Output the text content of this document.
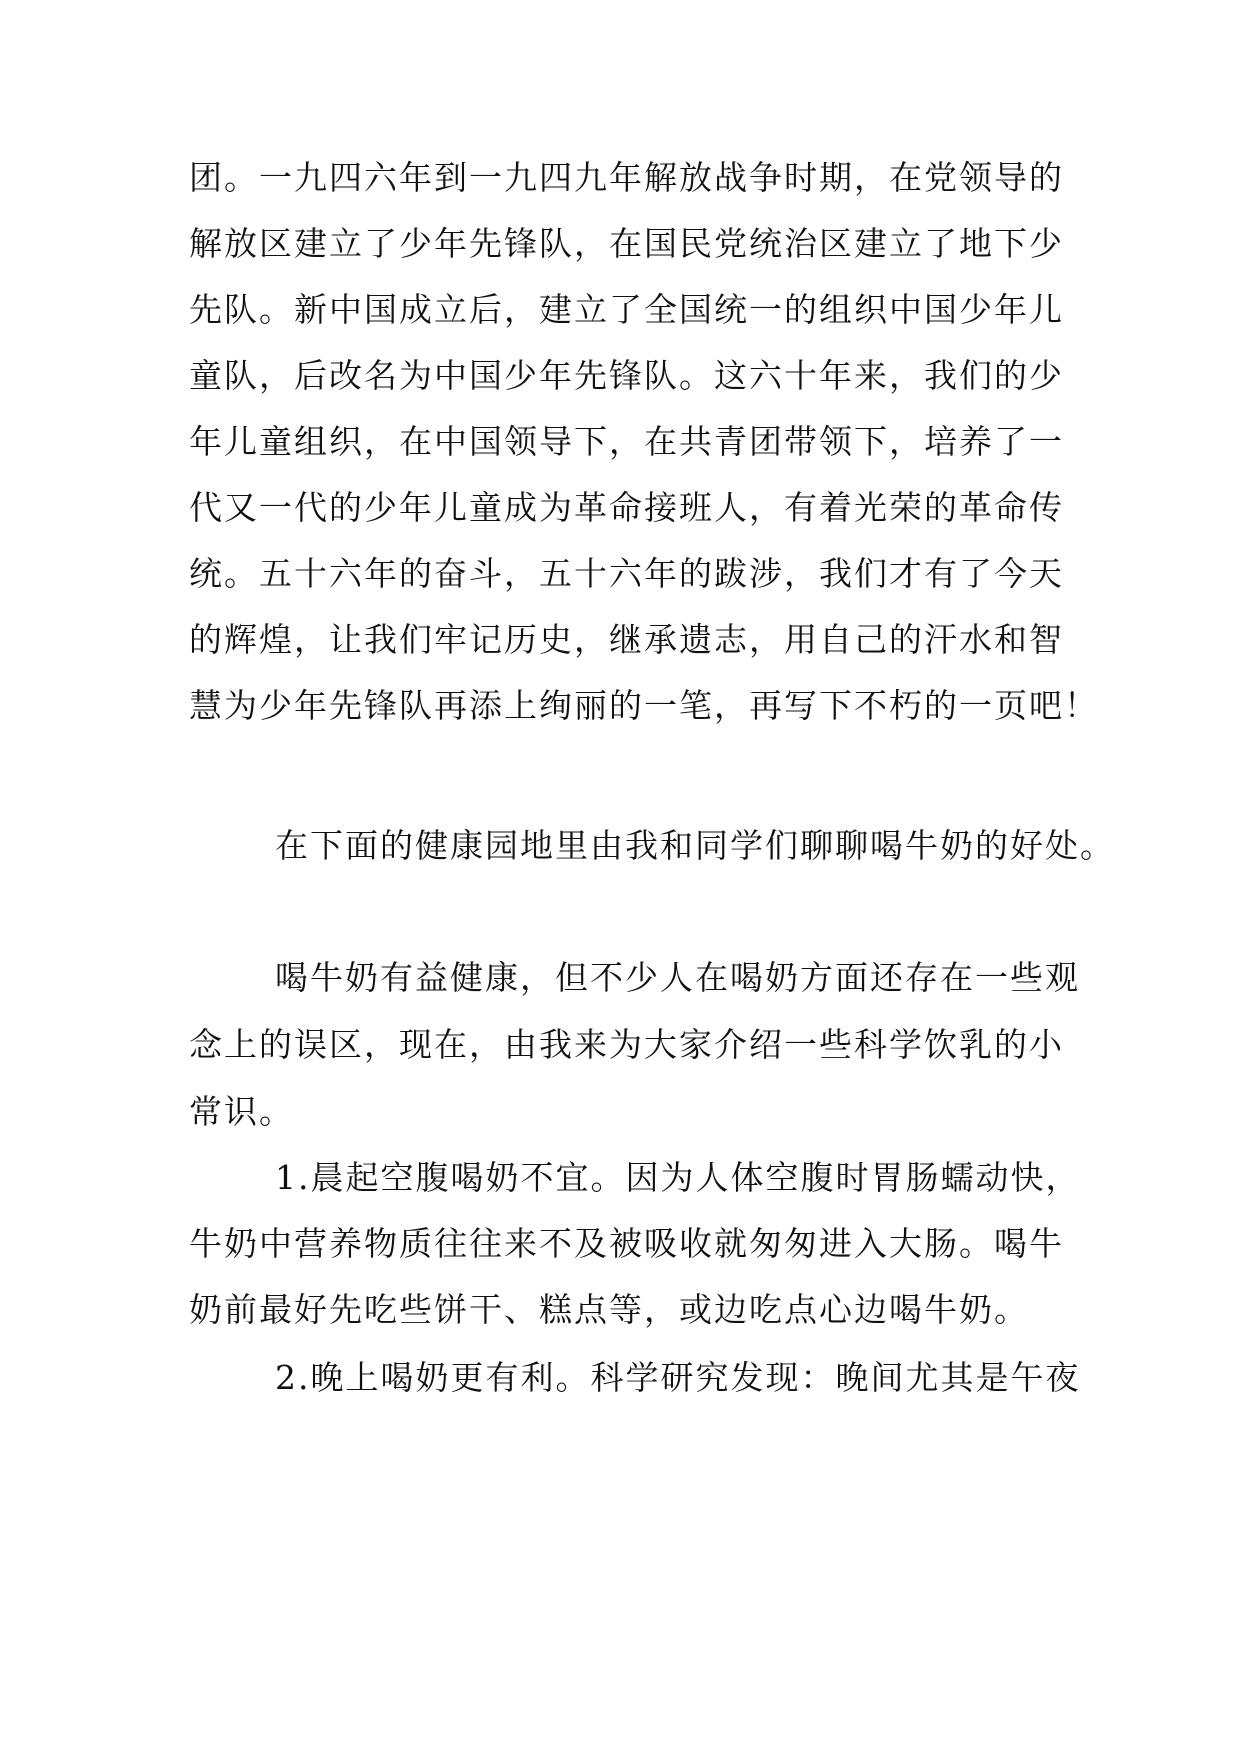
团。一九四六年到一九四九年解放战争时期，在党领导的
解放区建立了少年先锋队，在国民党统治区建立了地下少
先队。新中国成立后，建立了全国统一的组织中国少年儿
童队，后改名为中国少年先锋队。这六十年来，我们的少
年儿童组织，在中国领导下，在共青团带领下，培养了一
代又一代的少年儿童成为革命接班人，有着光荣的革命传
统。五十六年的奋斗，五十六年的跋涉，我们才有了今天
的辉煌，让我们牢记历史，继承遗志，用自己的汗水和智
慧为少年先锋队再添上绚丽的一笔，再写下不朽的一页吧！
在下面的健康园地里由我和同学们聊聊喝牛奶的好处。
喝牛奶有益健康，但不少人在喝奶方面还存在一些观
念上的误区，现在，由我来为大家介绍一些科学饮乳的小
常识。
1.晨起空腹喝奶不宜。因为人体空腹时胃肠蠕动快，
牛奶中营养物质往往来不及被吸收就匆匆进入大肠。喝牛
奶前最好先吃些饼干、糕点等，或边吃点心边喝牛奶。
2.晚上喝奶更有利。科学研究发现：晚间尤其是午夜
